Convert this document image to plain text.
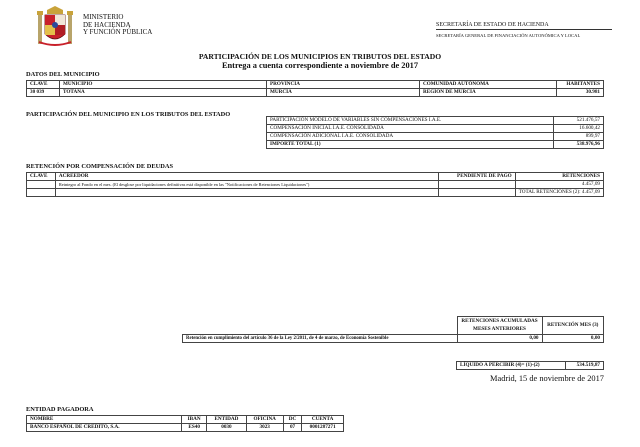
MINISTERIO
DE HACIENDA
Y FUNCIÓN PÚBLICA
SECRETARÍA DE ESTADO DE HACIENDA
SECRETARÍA GENERAL DE FINANCIACIÓN AUTONÓMICA Y LOCAL
PARTICIPACIÓN DE LOS MUNICIPIOS EN TRIBUTOS DEL ESTADO
Entrega a cuenta correspondiente a noviembre de 2017
DATOS DEL MUNICIPIO
CLAVE	MUNICIPIO	PROVINCIA	COMUNIDAD AUTÓNOMA	HABITANTES
30 039	TOTANA	MURCIA	REGION DE MURCIA	30.981
PARTICIPACIÓN DEL MUNICIPIO EN LOS TRIBUTOS DEL ESTADO
PARTICIPACIÓN MODELO DE VARIABLES SIN COMPENSACIONES I.A.E.	521.476,57
COMPENSACIÓN INICIAL I.A.E. CONSOLIDADA	16.600,42
COMPENSACIÓN ADICIONAL I.A.E. CONSOLIDADA	899,97
IMPORTE TOTAL (1)	538.976,96
RETENCIÓN POR COMPENSACIÓN DE DEUDAS
CLAVE	ACREEDOR	PENDIENTE DE PAGO	RETENCIONES
	Reintegro al Fondo en el mes. (El desglose por liquidaciones definitivas está disponible en las "Notificaciones de Retenciones Liquidaciones")		4.457,09
			TOTAL RETENCIONES (2): 4.457,09
	RETENCIONES ACUMULADAS MESES ANTERIORES	RETENCIÓN MES (3)
Retención en cumplimiento del artículo 36 de la Ley 2/2011, de 4 de marzo, de Economía Sostenible	0,00	0,00
LÍQUIDO A PERCIBIR (4)= (1)-(2)	534.519,87
Madrid, 15 de noviembre de 2017
ENTIDAD PAGADORA
NOMBRE	IBAN	ENTIDAD	OFICINA	DC	CUENTA
BANCO ESPAÑOL DE CREDITO, S.A.	ES40	0030	3023	07	0001287271
